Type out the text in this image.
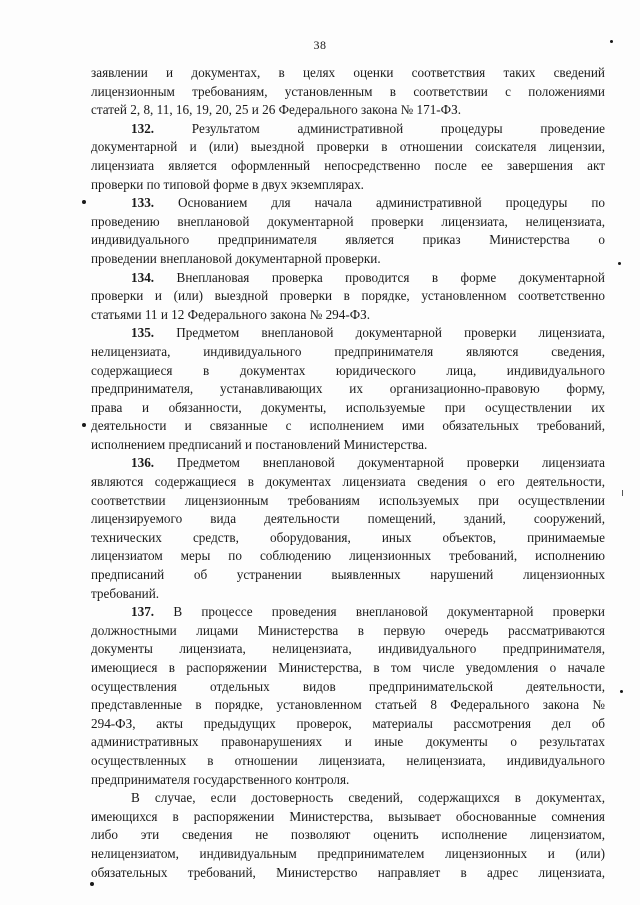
38

заявлении и документах, в целях оценки соответствия таких сведений

лицензионным требованиям, установленным в соответствии с положениями

статей 2, 8, 11, 16, 19, 20, 25 и 26 Федерального закона № 171-ФЗ.

132. Результатом административной процедуры проведение

документарной и (или) выездной проверки в отношении соискателя лицензии,

лицензиата является оформленный непосредственно после ее завершения акт

проверки по типовой форме в двух экземплярах.

133. Основанием для начала административной процедуры по

проведению внеплановой документарной проверки лицензиата, нелицензиата,

индивидуального предпринимателя является приказ Министерства о

проведении внеплановой документарной проверки.

134. Внеплановая проверка проводится в форме документарной

проверки и (или) выездной проверки в порядке, установленном соответственно

статьями 11 и 12 Федерального закона № 294-ФЗ.

135. Предметом внеплановой документарной проверки лицензиата,

нелицензиата, индивидуального предпринимателя являются сведения,

содержащиеся в документах юридического лица, индивидуального

предпринимателя, устанавливающих их организационно-правовую форму,

права и обязанности, документы, используемые при осуществлении их

деятельности и связанные с исполнением ими обязательных требований,

исполнением предписаний и постановлений Министерства.

136. Предметом внеплановой документарной проверки лицензиата

являются содержащиеся в документах лицензиата сведения о его деятельности,

соответствии лицензионным требованиям используемых при осуществлении

лицензируемого вида деятельности помещений, зданий, сооружений,

технических средств, оборудования, иных объектов, принимаемые

лицензиатом меры по соблюдению лицензионных требований, исполнению

предписаний об устранении выявленных нарушений лицензионных

требований.

137. В процессе проведения внеплановой документарной проверки

должностными лицами Министерства в первую очередь рассматриваются

документы лицензиата, нелицензиата, индивидуального предпринимателя,

имеющиеся в распоряжении Министерства, в том числе уведомления о начале

осуществления отдельных видов предпринимательской деятельности,

представленные в порядке, установленном статьей 8 Федерального закона №

294-ФЗ, акты предыдущих проверок, материалы рассмотрения дел об

административных правонарушениях и иные документы о результатах

осуществленных в отношении лицензиата, нелицензиата, индивидуального

предпринимателя государственного контроля.

В случае, если достоверность сведений, содержащихся в документах,

имеющихся в распоряжении Министерства, вызывает обоснованные сомнения

либо эти сведения не позволяют оценить исполнение лицензиатом,

нелицензиатом, индивидуальным предпринимателем лицензионных и (или)

обязательных требований, Министерство направляет в адрес лицензиата,
